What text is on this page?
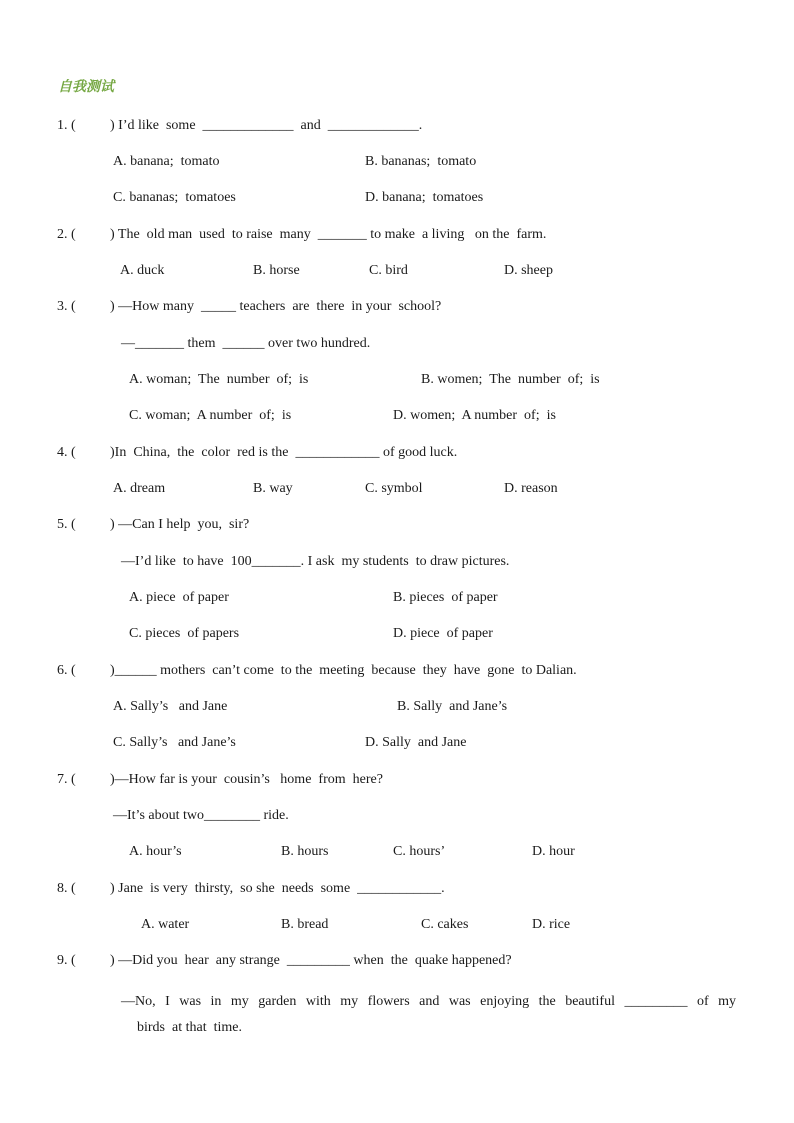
自我测试
1. ( ) I’d like  some  _____________  and  _____________.
A. banana;  tomato	B. bananas;  tomato
C. bananas;  tomatoes	D. banana;  tomatoes
2. ( ) The  old man  used  to raise  many  _______ to make  a living   on the  farm.
A. duck	B. horse	C. bird	D. sheep
3. ( ) —How many  _____ teachers  are  there  in your  school?
—_______ them  ______ over two hundred.
A. woman;  The  number  of;  is	B. women;  The  number  of;  is
C. woman;  A number  of;  is	D. women;  A number  of;  is
4. ( )In  China,  the  color  red is the  ____________ of good luck.
A. dream	B. way	C. symbol	D. reason
5. ( ) —Can I help  you,  sir?
—I’d like  to have  100_______. I ask  my students  to draw pictures.
A. piece  of paper	B. pieces  of paper
C. pieces  of papers	D. piece  of paper
6. ( )______ mothers  can’t come  to the  meeting  because  they  have  gone  to Dalian.
A. Sally’s   and Jane	B. Sally  and Jane’s
C. Sally’s   and Jane’s	D. Sally  and Jane
7. ( )—How far is your  cousin’s   home  from  here?
—It’s about two________ ride.
A. hour’s	B. hours	C. hours’	D. hour
8. ( ) Jane  is very  thirsty,  so she  needs  some  ____________.
A. water	B. bread	C. cakes	D. rice
9. ( ) —Did you  hear  any strange  _________ when  the  quake happened?
—No, I was in my garden with my flowers and was enjoying the beautiful _________ of my
birds  at that  time.
